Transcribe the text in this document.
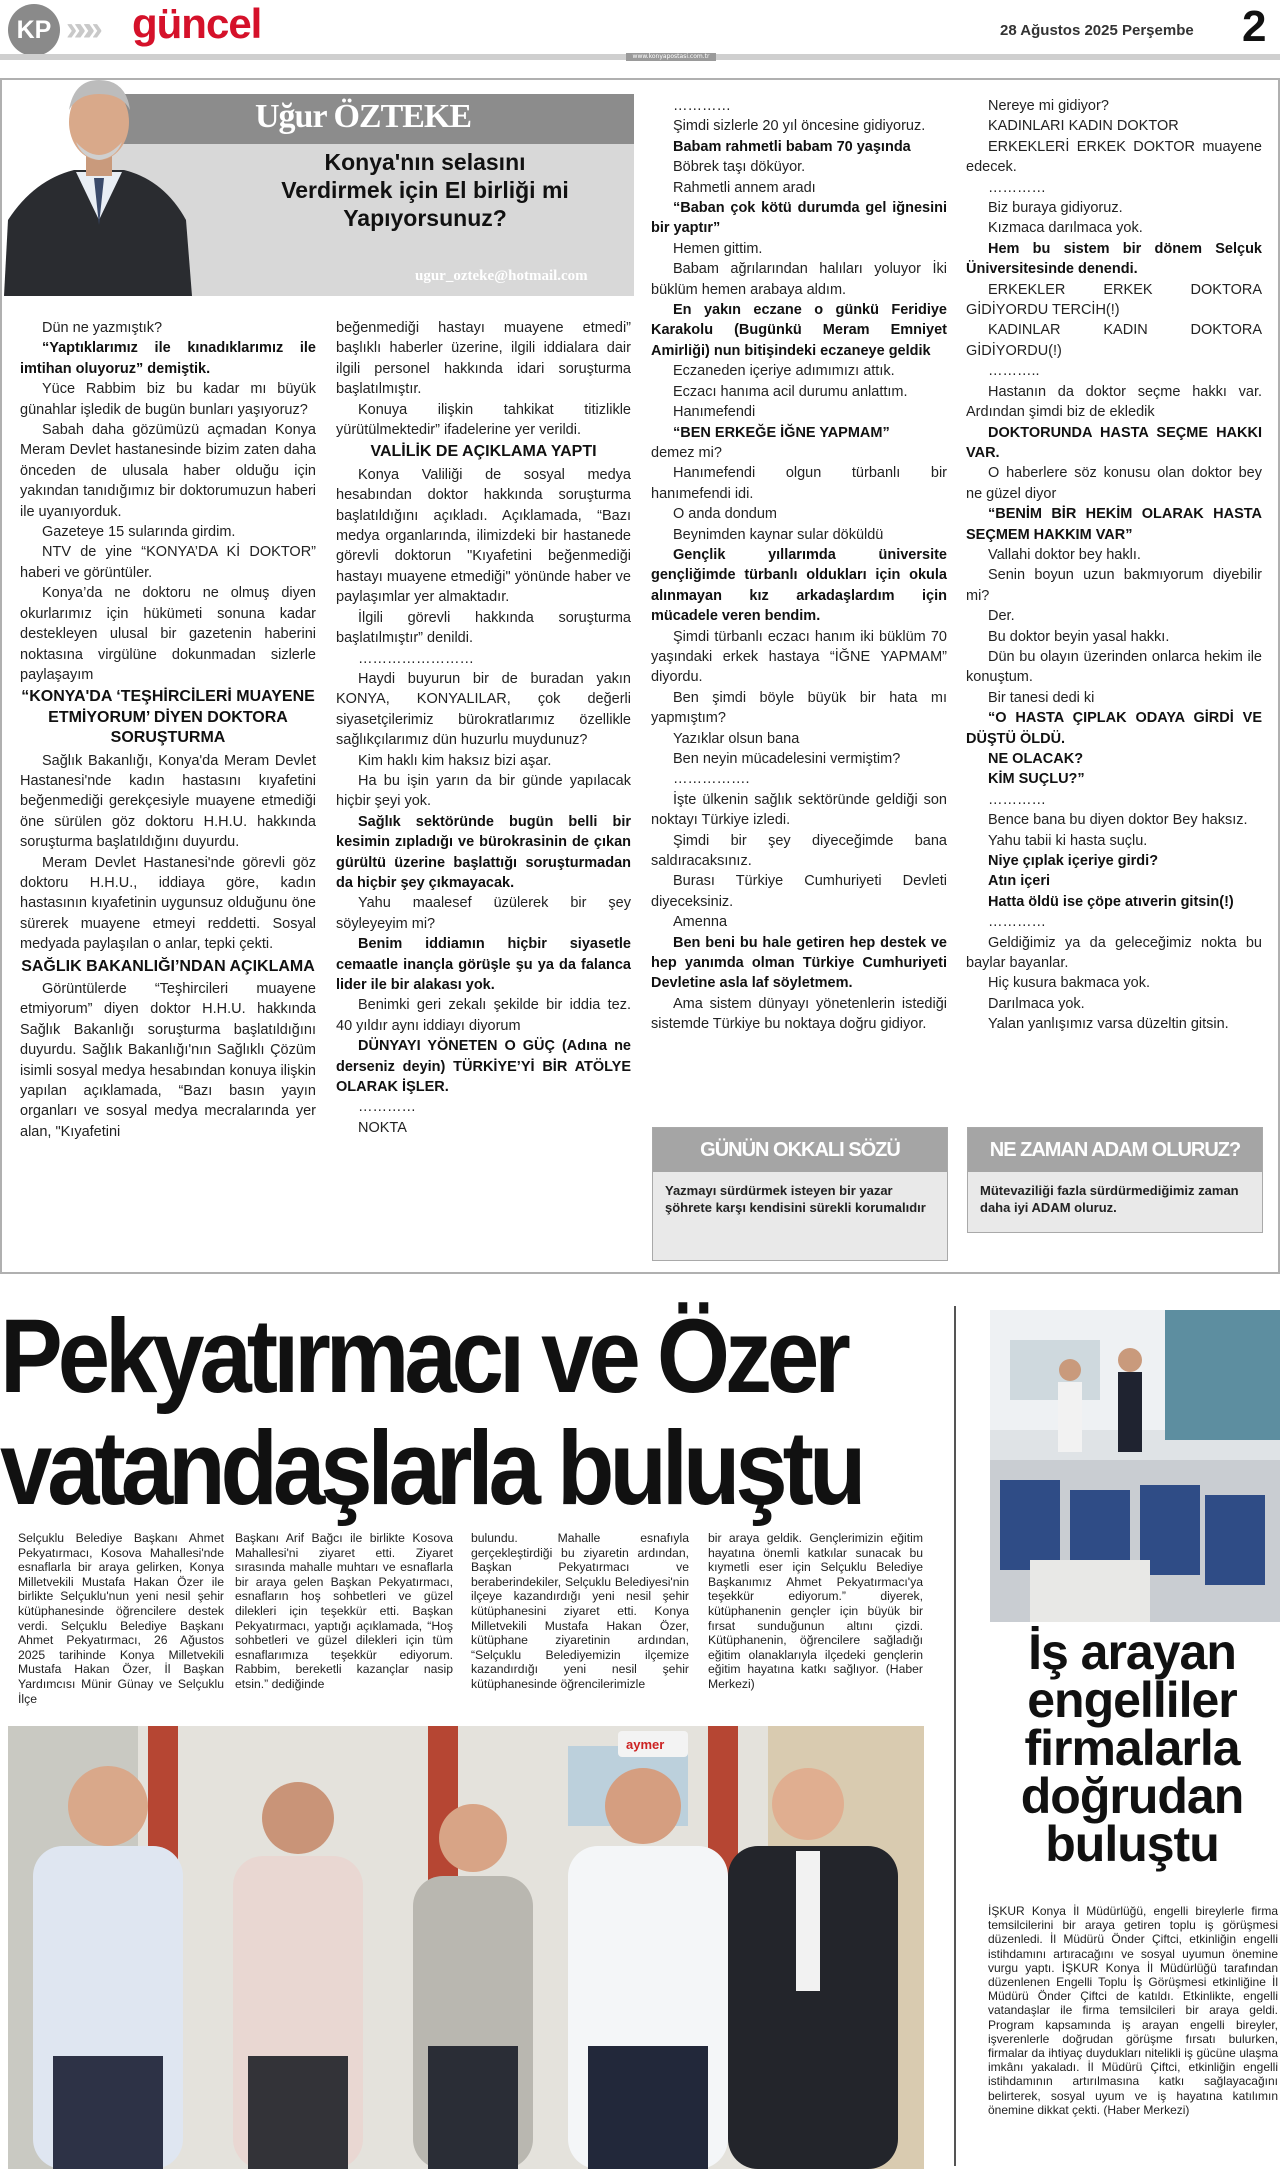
KP »»» güncel	28 Ağustos 2025 Perşembe 2
www.konyapostasi.com.tr
Uğur ÖZTEKE
Konya'nın selasını Verdirmek için El birliği mi Yapıyorsunuz?
ugur_ozteke@hotmail.com

Dün ne yazmıştık?

“Yaptıklarımız ile kınadıklarımız ile imtihan oluyoruz” demiştik.

Yüce Rabbim biz bu kadar mı büyük günahlar işledik de bugün bunları yaşıyoruz?

Sabah daha gözümüzü açmadan Konya Meram Devlet hastanesinde bizim zaten daha önceden de ulusala haber olduğu için yakından tanıdığımız bir doktorumuzun haberi ile uyanıyorduk.

Gazeteye 15 sularında girdim.

NTV de yine “KONYA’DA Kİ DOKTOR” haberi ve görüntüler.

Konya’da ne doktoru ne olmuş diyen okurlarımız için hükümeti sonuna kadar destekleyen ulusal bir gazetenin haberini noktasına virgülüne dokunmadan sizlerle paylaşayım

“KONYA'DA ‘TEŞHİRCİLERİ MUAYENE ETMİYORUM’ DİYEN DOKTORA SORUŞTURMA

Sağlık Bakanlığı, Konya'da Meram Devlet Hastanesi'nde kadın hastasını kıyafetini beğenmediği gerekçesiyle muayene etmediği öne sürülen göz doktoru H.H.U. hakkında soruşturma başlatıldığını duyurdu.

Meram Devlet Hastanesi'nde görevli göz doktoru H.H.U., iddiaya göre, kadın hastasının kıyafetinin uygunsuz olduğunu öne sürerek muayene etmeyi reddetti. Sosyal medyada paylaşılan o anlar, tepki çekti.

SAĞLIK BAKANLIĞI’NDAN AÇIKLAMA

Görüntülerde “Teşhircileri muayene etmiyorum” diyen doktor H.H.U. hakkında Sağlık Bakanlığı soruşturma başlatıldığını duyurdu. Sağlık Bakanlığı'nın Sağlıklı Çözüm isimli sosyal medya hesabından konuya ilişkin yapılan açıklamada, “Bazı basın yayın organları ve sosyal medya mecralarında yer alan, "Kıyafetini

beğenmediği hastayı muayene etmedi” başlıklı haberler üzerine, ilgili iddialara dair ilgili personel hakkında idari soruşturma başlatılmıştır.

Konuya ilişkin tahkikat titizlikle yürütülmektedir” ifadelerine yer verildi.

VALİLİK DE AÇIKLAMA YAPTI

Konya Valiliği de sosyal medya hesabından doktor hakkında soruşturma başlatıldığını açıkladı. Açıklamada, “Bazı medya organlarında, ilimizdeki bir hastanede görevli doktorun "Kıyafetini beğenmediği hastayı muayene etmediği" yönünde haber ve paylaşımlar yer almaktadır.

İlgili görevli hakkında soruşturma başlatılmıştır” denildi.

……………………

Haydi buyurun bir de buradan yakın KONYA, KONYALILAR, çok değerli siyasetçilerimiz bürokratlarımız özellikle sağlıkçılarımız dün huzurlu muydunuz?

Kim haklı kim haksız bizi aşar.

Ha bu işin yarın da bir günde yapılacak hiçbir şeyi yok.

Sağlık sektöründe bugün belli bir kesimin zıpladığı ve bürokrasinin de çıkan gürültü üzerine başlattığı soruşturmadan da hiçbir şey çıkmayacak.

Yahu maalesef üzülerek bir şey söyleyeyim mi?

Benim iddiamın hiçbir siyasetle cemaatle inançla görüşle şu ya da falanca lider ile bir alakası yok.

Benimki geri zekalı şekilde bir iddia tez. 40 yıldır aynı iddiayı diyorum

DÜNYAYI YÖNETEN O GÜÇ (Adına ne derseniz deyin) TÜRKİYE’Yİ BİR ATÖLYE OLARAK İŞLER.

…………

NOKTA

…………

Şimdi sizlerle 20 yıl öncesine gidiyoruz.

Babam rahmetli babam 70 yaşında

Böbrek taşı döküyor.

Rahmetli annem aradı

“Baban çok kötü durumda gel iğnesini bir yaptır”

Hemen gittim.

Babam ağrılarından halıları yoluyor İki büklüm hemen arabaya aldım.

En yakın eczane o günkü Feridiye Karakolu (Bugünkü Meram Emniyet Amirliği) nun bitişindeki eczaneye geldik

Eczaneden içeriye adımımızı attık.

Eczacı hanıma acil durumu anlattım.

Hanımefendi

“BEN ERKEĞE İĞNE YAPMAM”

demez mi?

Hanımefendi olgun türbanlı bir hanımefendi idi.

O anda dondum

Beynimden kaynar sular döküldü

Gençlik yıllarımda üniversite gençliğimde türbanlı oldukları için okula alınmayan kız arkadaşlardım için mücadele veren bendim.

Şimdi türbanlı eczacı hanım iki büklüm 70 yaşındaki erkek hastaya “İĞNE YAPMAM” diyordu.

Ben şimdi böyle büyük bir hata mı yapmıştım?

Yazıklar olsun bana

Ben neyin mücadelesini vermiştim?

…………….

İşte ülkenin sağlık sektöründe geldiği son noktayı Türkiye izledi.

Şimdi bir şey diyeceğimde bana saldıracaksınız.

Burası Türkiye Cumhuriyeti Devleti diyeceksiniz.

Amenna

Ben beni bu hale getiren hep destek ve hep yanımda olman Türkiye Cumhuriyeti Devletine asla laf söyletmem.

Ama sistem dünyayı yönetenlerin istediği sistemde Türkiye bu noktaya doğru gidiyor.

Nereye mi gidiyor?

KADINLARI KADIN DOKTOR

ERKEKLERİ ERKEK DOKTOR muayene edecek.

…………

Biz buraya gidiyoruz.

Kızmaca darılmaca yok.

Hem bu sistem bir dönem Selçuk Üniversitesinde denendi.

ERKEKLER ERKEK DOKTORA GİDİYORDU TERCİH(!)

KADINLAR KADIN DOKTORA GİDİYORDU(!)

………..

Hastanın da doktor seçme hakkı var. Ardından şimdi biz de ekledik

DOKTORUNDA HASTA SEÇME HAKKI VAR.

O haberlere söz konusu olan doktor bey ne güzel diyor

“BENİM BİR HEKİM OLARAK HASTA SEÇMEM HAKKIM VAR”

Vallahi doktor bey haklı.

Senin boyun uzun bakmıyorum diyebilir mi?

Der.

Bu doktor beyin yasal hakkı.

Dün bu olayın üzerinden onlarca hekim ile konuştum.

Bir tanesi dedi ki

“O HASTA ÇIPLAK ODAYA GİRDİ VE DÜŞTÜ ÖLDÜ.

NE OLACAK?

KİM SUÇLU?”

…………

Bence bana bu diyen doktor Bey haksız.

Yahu tabii ki hasta suçlu.

Niye çıplak içeriye girdi?

Atın içeri

Hatta öldü ise çöpe atıverin gitsin(!)

…………

Geldiğimiz ya da geleceğimiz nokta bu baylar bayanlar.

Hiç kusura bakmaca yok.

Darılmaca yok.

Yalan yanlışımız varsa düzeltin gitsin.

GÜNÜN OKKALI SÖZÜ
Yazmayı sürdürmek isteyen bir yazar şöhrete karşı kendisini sürekli korumalıdır
NE ZAMAN ADAM OLURUZ?
Mütevaziliği fazla sürdürmediğimiz zaman daha iyi ADAM oluruz.
Pekyatırmacı ve Özer vatandaşlarla buluştu
Selçuklu Belediye Başkanı Ahmet Pekyatırmacı, Kosova Mahallesi'nde esnaflarla bir araya gelirken, Konya Milletvekili Mustafa Hakan Özer ile birlikte Selçuklu'nun yeni nesil şehir kütüphanesinde öğrencilere destek verdi. Selçuklu Belediye Başkanı Ahmet Pekyatırmacı, 26 Ağustos 2025 tarihinde Konya Milletvekili Mustafa Hakan Özer, İl Başkan Yardımcısı Münir Günay ve Selçuklu İlçe
Başkanı Arif Bağcı ile birlikte Kosova Mahallesi'ni ziyaret etti. Ziyaret sırasında mahalle muhtarı ve esnaflarla bir araya gelen Başkan Pekyatırmacı, esnafların hoş sohbetleri ve güzel dilekleri için teşekkür etti. Başkan Pekyatırmacı, yaptığı açıklamada, “Hoş sohbetleri ve güzel dilekleri için tüm esnaflarımıza teşekkür ediyorum. Rabbim, bereketli kazançlar nasip etsin.” dediğinde
bulundu. Mahalle esnafıyla gerçekleştirdiği bu ziyaretin ardından, Başkan Pekyatırmacı ve beraberindekiler, Selçuklu Belediyesi'nin ilçeye kazandırdığı yeni nesil şehir kütüphanesini ziyaret etti. Konya Milletvekili Mustafa Hakan Özer, kütüphane ziyaretinin ardından, “Selçuklu Belediyemizin ilçemize kazandırdığı yeni nesil şehir kütüphanesinde öğrencilerimizle
bir araya geldik. Gençlerimizin eğitim hayatına önemli katkılar sunacak bu kıymetli eser için Selçuklu Belediye Başkanımız Ahmet Pekyatırmacı'ya teşekkür ediyorum.” diyerek, kütüphanenin gençler için büyük bir fırsat sunduğunun altını çizdi. Kütüphanenin, öğrencilere sağladığı eğitim olanaklarıyla ilçedeki gençlerin eğitim hayatına katkı sağlıyor. (Haber Merkezi)
aymer
İş arayan engelliler firmalarla doğrudan buluştu
İŞKUR Konya İl Müdürlüğü, engelli bireylerle firma temsilcilerini bir araya getiren toplu iş görüşmesi düzenledi. İl Müdürü Önder Çiftci, etkinliğin engelli istihdamını artıracağını ve sosyal uyumun önemine vurgu yaptı. İŞKUR Konya İl Müdürlüğü tarafından düzenlenen Engelli Toplu İş Görüşmesi etkinliğine İl Müdürü Önder Çiftci de katıldı. Etkinlikte, engelli vatandaşlar ile firma temsilcileri bir araya geldi. Program kapsamında iş arayan engelli bireyler, işverenlerle doğrudan görüşme fırsatı bulurken, firmalar da ihtiyaç duydukları nitelikli iş gücüne ulaşma imkânı yakaladı. İl Müdürü Çiftci, etkinliğin engelli istihdamının artırılmasına katkı sağlayacağını belirterek, sosyal uyum ve iş hayatına katılımın önemine dikkat çekti. (Haber Merkezi)
